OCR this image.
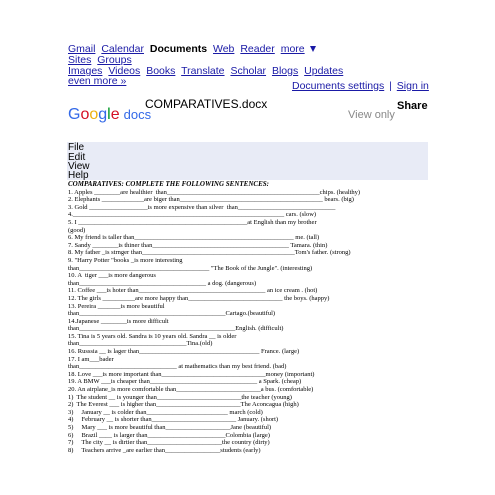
Gmail Calendar Documents Web Reader more
Sites Groups
Images Videos Books Translate Scholar Blogs Updates
even more »	Documents settings | Sign in
Google docs
COMPARATIVES.docx	Share
View only
File
Edit
View
Help
COMPARATIVES: COMPLETE THE FOLLOWING SENTENCES:
1. Apples ________are healthier  than_______________________________________________chips. (healthy)
2. Elephants _____________are biger than____________________________________________ bears. (big)
3. Gold __________________is more expensive than silver  than______________________________
4._________________________________________________________________ cars. (slow)
5. I ____________________________________________________at English than my brother
(good)
6. My friend is taller than_________________________________________________ me. (tall)
7. Sandy ________is thiner than__________________________________________ Tamara. (thin)
8. My father _is strnger than_______________________________________________Tom's father. (strong)
9. "Harry Potter "books _is more interesting
than________________________________________ "The Book of the Jungle". (interesting)
10. A  tiger ___is more dangerous
than_______________________________________ a dog. (dangerous)
11. Coffee ___is hoter than_______________________________________ an ice cream . (hot)
12. The girls __________are more happy than_____________________________ the boys. (happy)
13. Pereira _______is more beautiful
than_____________________________________________Cartago.(beautiful)
14.Japanese ________is more difficult
than________________________________________________English. (difficult)
15. Tina is 5 years old. Sandra is 10 years old. Sandra __ is older
than_________________________________Tina.(old)
16. Russsia __ is lager than_____________________________________ France. (large)
17. I am___bader
than______________________________ at mathematics than my best friend. (bad)
18. Love ___is more important than________________________________money (important)
19. A BMW ___is cheaper than_________________________________ a Spark. (cheap)
20. An airplane_is more comfortable than__________________________a bus. (comfortable)
1)  The student __ is younger than__________________________the teacher (young)
2)  The Everest ___ is higher than__________________________The Aconcagua (high)
3)     January __ is colder than_________________________ march (cold)
4)     February __ is shorter than__________________________ January. (short)
5)     Mary ___ is more beautiful than____________________Jane (beautiful)
6)     Brazil ____ is larger than________________________Colombia (large)
7)     The city __ is dirtier than_______________________the country (dirty)
8)     Teachers arrive _are earlier than_________________students (early)
